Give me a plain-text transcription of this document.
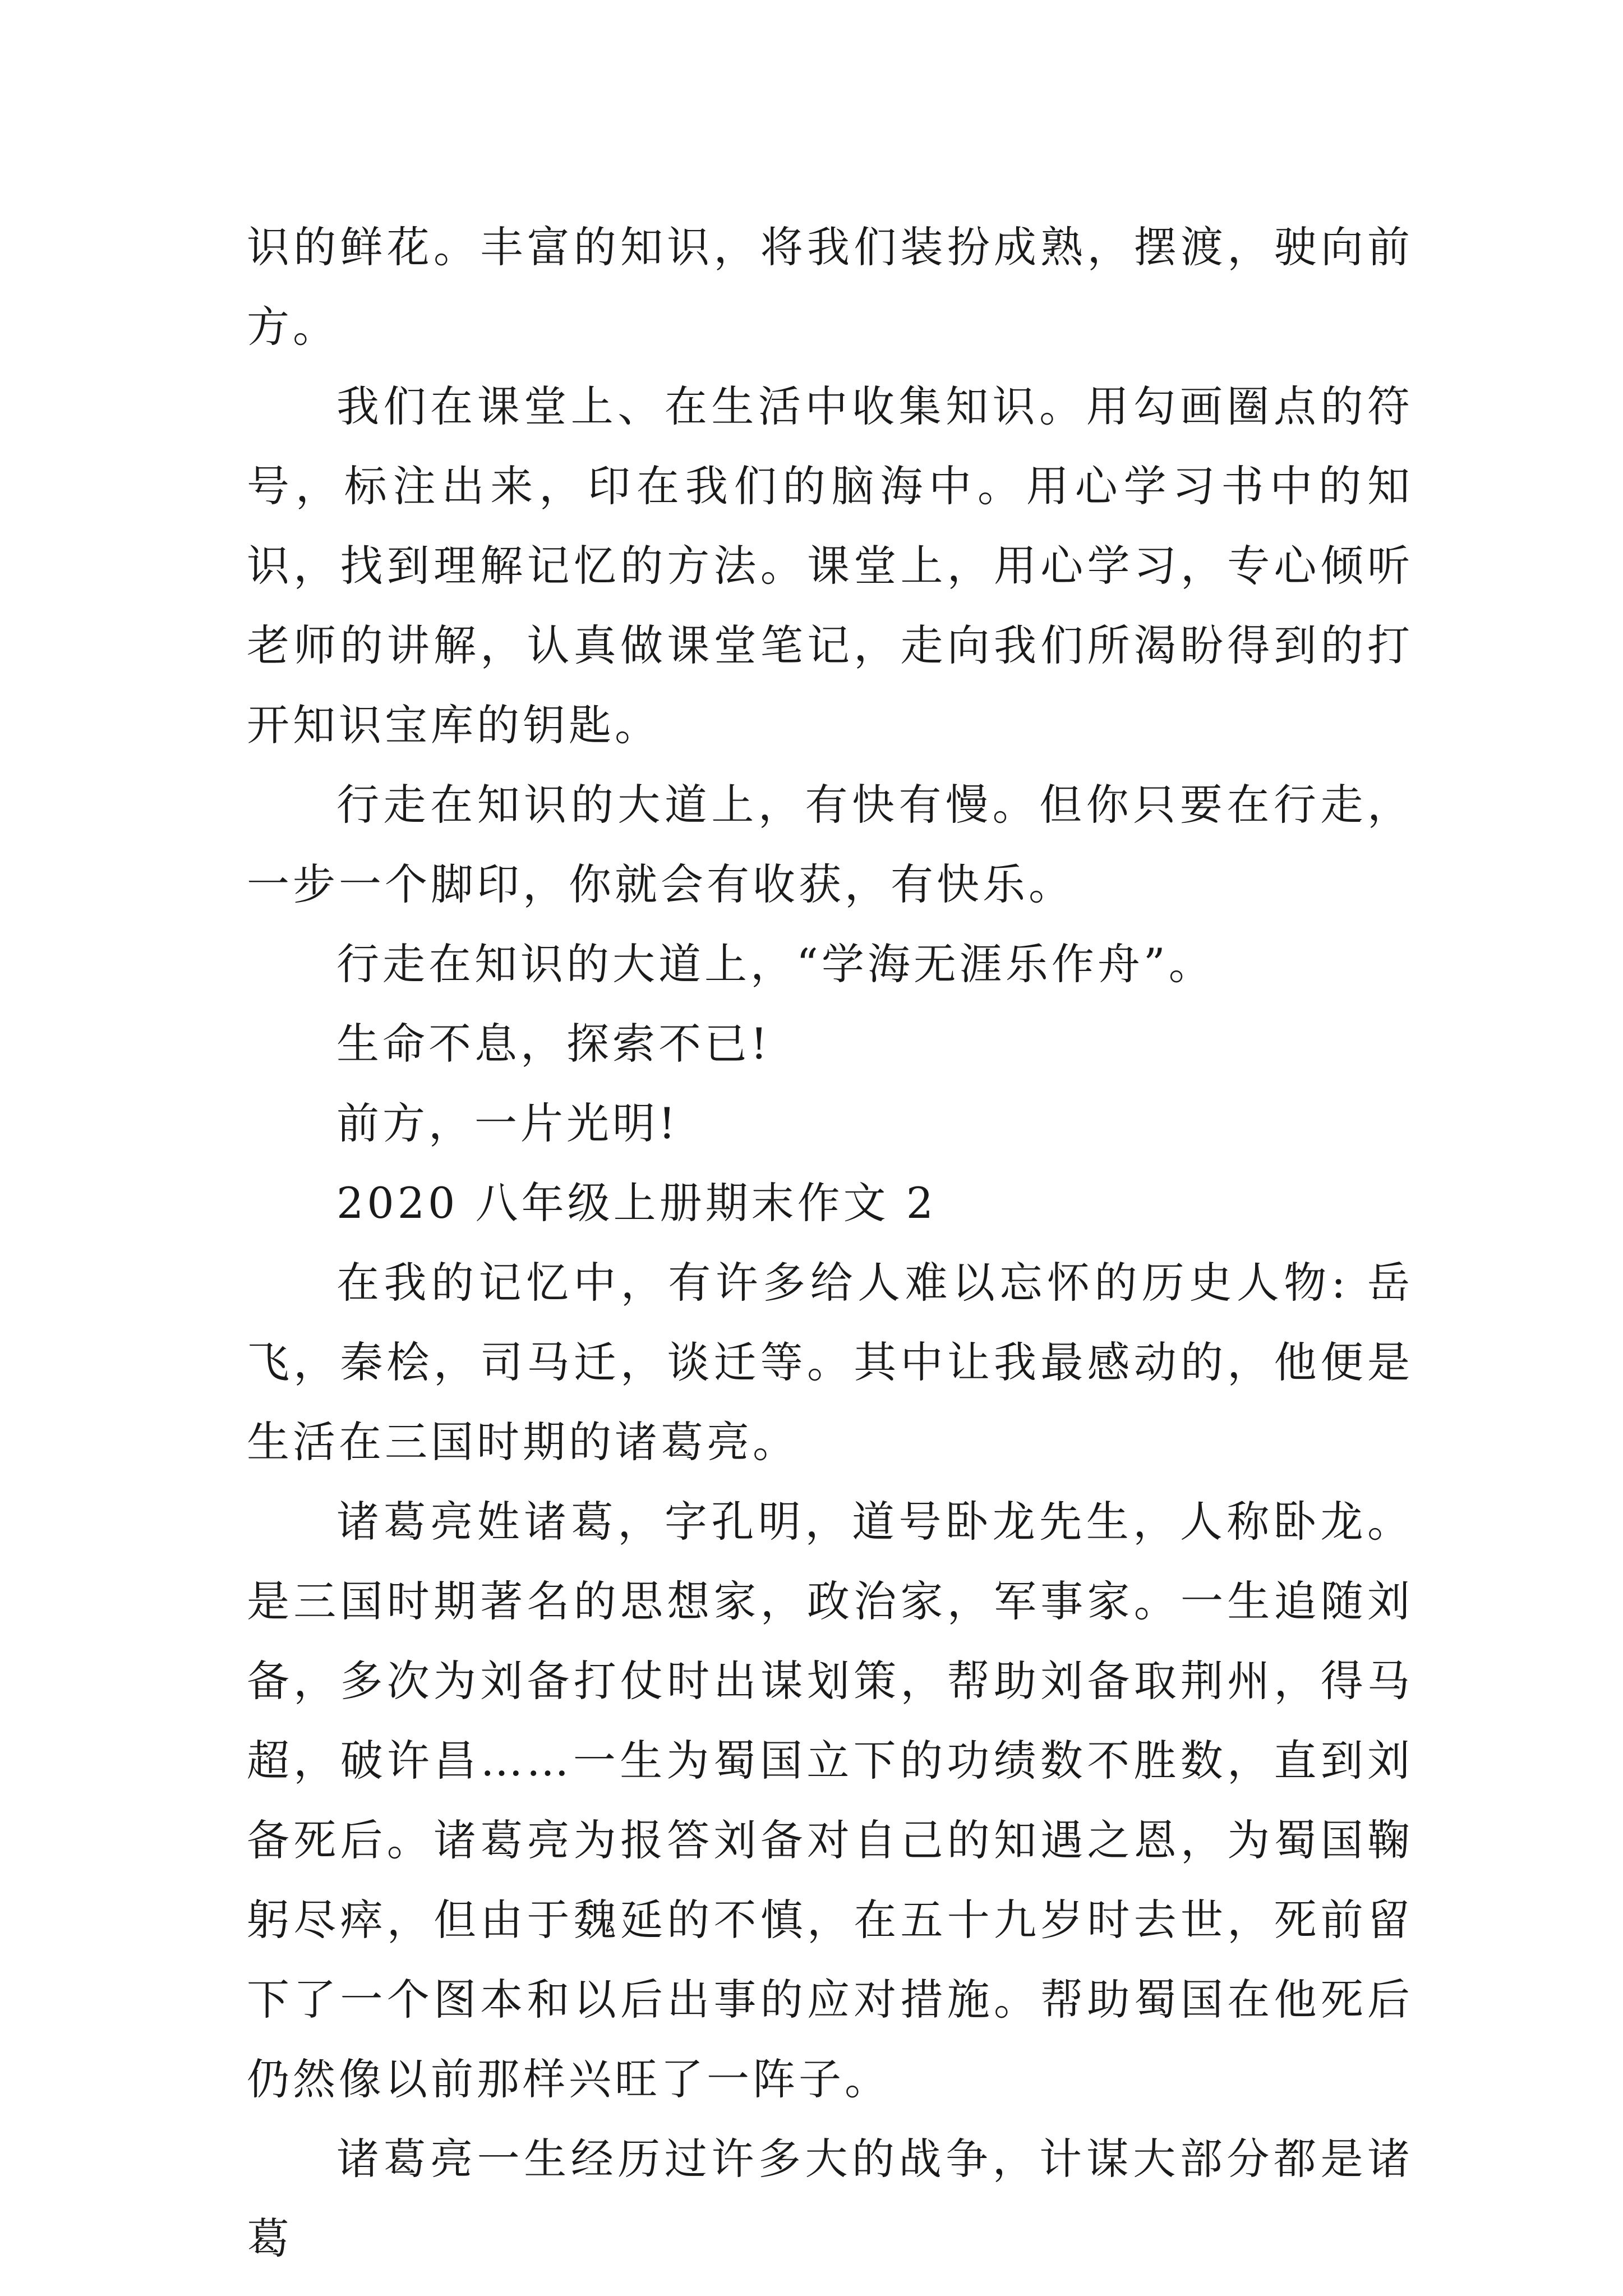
识的鲜花。丰富的知识，将我们装扮成熟，摆渡，驶向前方。

我们在课堂上、在生活中收集知识。用勾画圈点的符号，标注出来，印在我们的脑海中。用心学习书中的知识，找到理解记忆的方法。课堂上，用心学习，专心倾听老师的讲解，认真做课堂笔记，走向我们所渴盼得到的打开知识宝库的钥匙。

行走在知识的大道上，有快有慢。但你只要在行走，一步一个脚印，你就会有收获，有快乐。

行走在知识的大道上，“学海无涯乐作舟”。

生命不息，探索不已!

前方，一片光明!

2020 八年级上册期末作文 2

在我的记忆中，有许多给人难以忘怀的历史人物: 岳飞，秦桧，司马迁，谈迁等。其中让我最感动的，他便是生活在三国时期的诸葛亮。

诸葛亮姓诸葛，字孔明，道号卧龙先生，人称卧龙。是三国时期著名的思想家，政治家，军事家。一生追随刘备，多次为刘备打仗时出谋划策，帮助刘备取荆州，得马超，破许昌……一生为蜀国立下的功绩数不胜数，直到刘备死后。诸葛亮为报答刘备对自己的知遇之恩，为蜀国鞠躬尽瘁，但由于魏延的不慎，在五十九岁时去世，死前留下了一个图本和以后出事的应对措施。帮助蜀国在他死后仍然像以前那样兴旺了一阵子。

诸葛亮一生经历过许多大的战争，计谋大部分都是诸葛
